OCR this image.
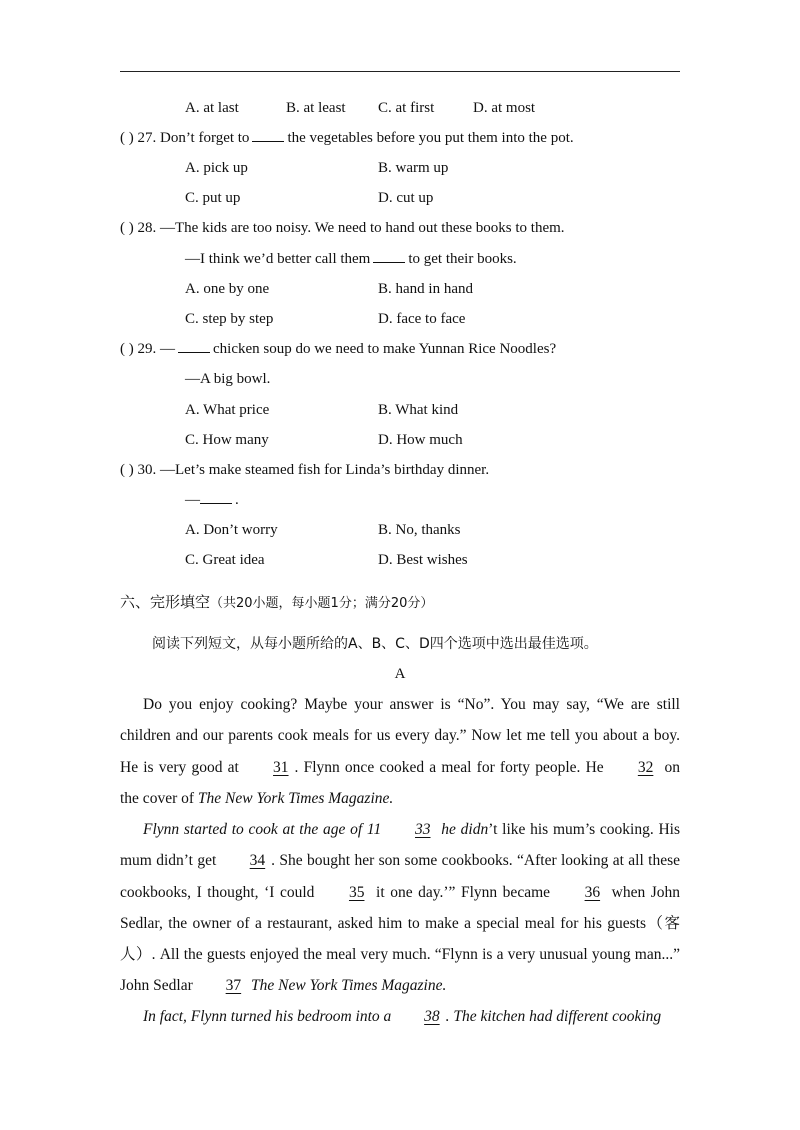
A. at last	B. at least C. at first	D. at most
( ) 27. Don’t forget to	the vegetables before you put them into the pot.
A. pick up	B. warm up
C. put up	D. cut up
( ) 28. —The kids are too noisy. We need to hand out these books to them.
—I think we’d better call them	to get their books.
A. one by one	B. hand in hand
C. step by step	D. face to face
( ) 29. —	chicken soup do we need to make Yunnan Rice Noodles?
—A big bowl.
A. What price	B. What kind
C. How many	D. How much
( ) 30. —Let’s make steamed fish for Linda’s birthday dinner.
— .
A. Don’t worry	B. No, thanks
C. Great idea	D. Best wishes
六、完形填空（共20小题，每小题1分；满分20分）
阅读下列短文，从每小题所给的A、B、C、D四个选项中选出最佳选项。
A
Do you enjoy cooking? Maybe your answer is “No”. You may say, “We are still children and our parents cook meals for us every day.” Now let me tell you about a boy. He is very good at 31 . Flynn once cooked a meal for forty people. He 32 on the cover of The New York Times Magazine.
Flynn started to cook at the age of 11 33 he didn’t like his mum’s cooking. His mum didn’t get 34 . She bought her son some cookbooks. “After looking at all these cookbooks, I thought, ‘I could 35 it one day.’” Flynn became 36 when John Sedlar, the owner of a restaurant, asked him to make a special meal for his guests（客人）. All the guests enjoyed the meal very much. “Flynn is a very unusual young man...” John Sedlar 37 The New York Times Magazine.
In fact, Flynn turned his bedroom into a 38 . The kitchen had different cooking
